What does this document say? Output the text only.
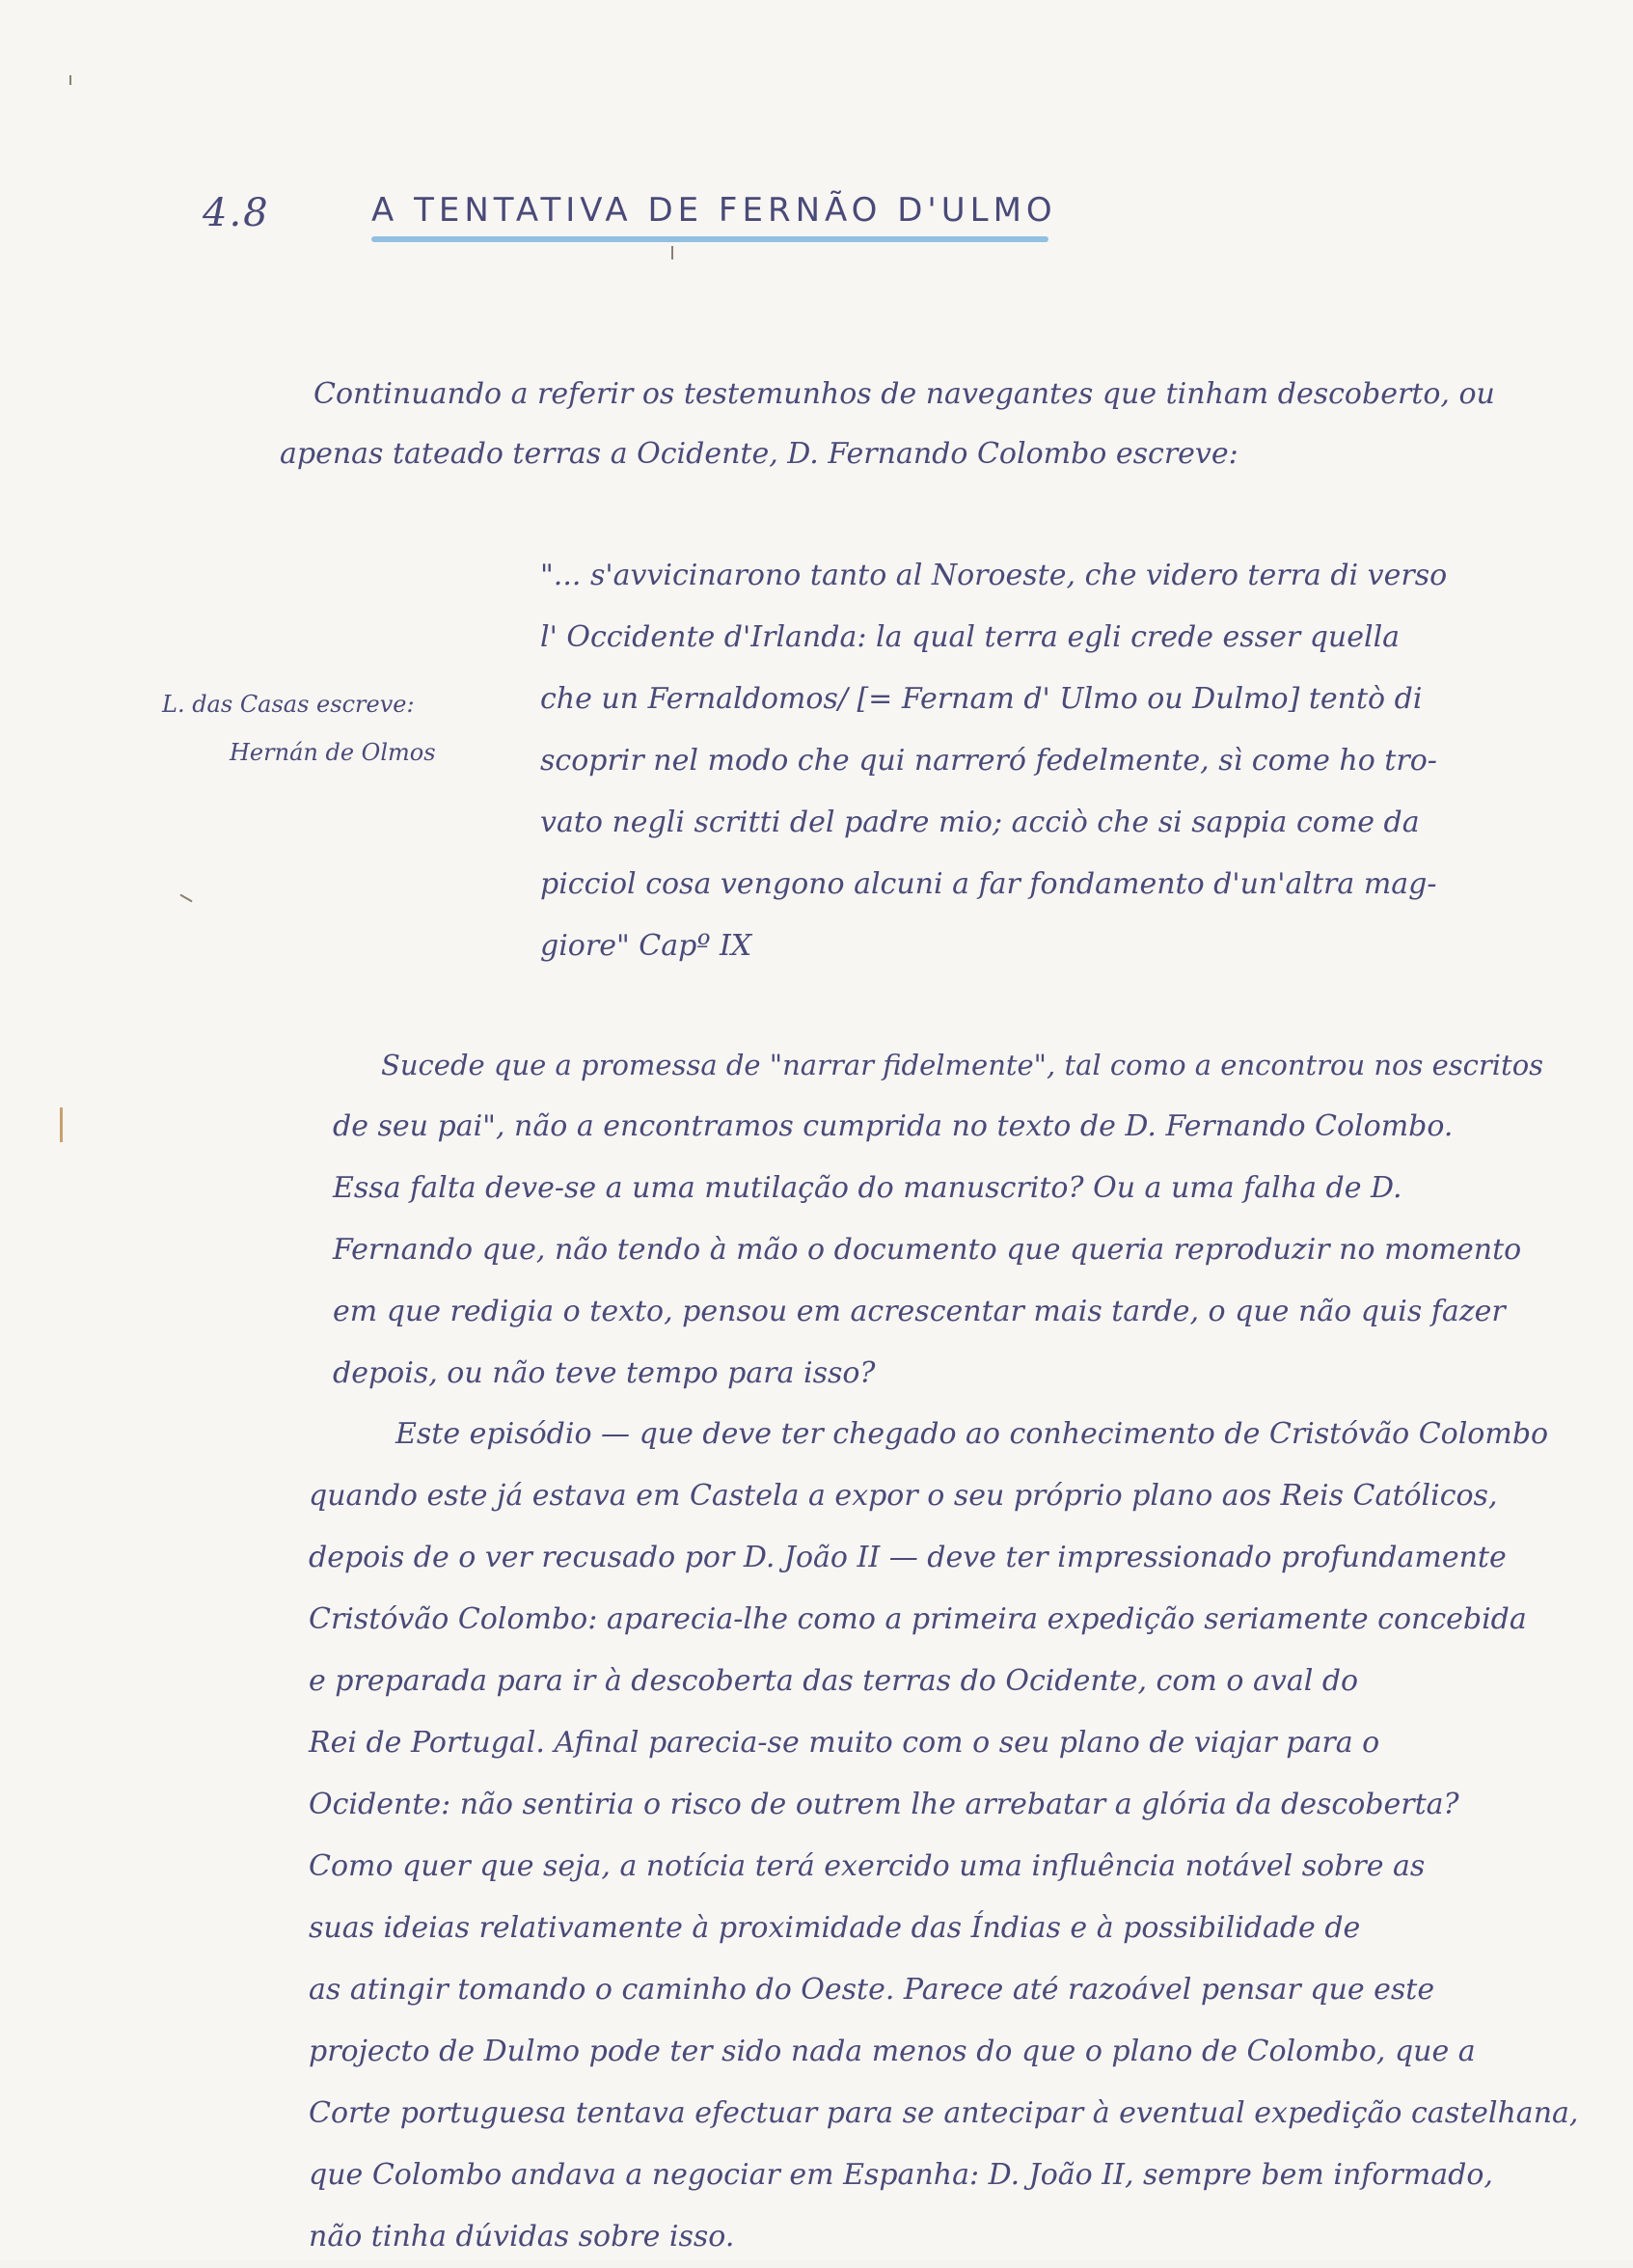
4.8	A TENTATIVA DE FERNÃO D'ULMO

Continuando a referir os testemunhos de navegantes que tinham descoberto, ou

apenas tateado terras a Ocidente, D. Fernando Colombo escreve:

"... s'avvicinarono tanto al Noroeste, che videro terra di verso

l' Occidente d'Irlanda: la qual terra egli crede esser quella

che un Fernaldomos/ [= Fernam d' Ulmo ou Dulmo] tentò di

scoprir nel modo che qui narreró fedelmente, sì come ho tro-

vato negli scritti del padre mio; acciò che si sappia come da

picciol cosa vengono alcuni a far fondamento d'un'altra mag-

giore" Capº IX

L. das Casas escreve:

Hernán de Olmos

Sucede que a promessa de "narrar fidelmente", tal como a encontrou nos escritos

de seu pai", não a encontramos cumprida no texto de D. Fernando Colombo.

Essa falta deve-se a uma mutilação do manuscrito? Ou a uma falha de D.

Fernando que, não tendo à mão o documento que queria reproduzir no momento

em que redigia o texto, pensou em acrescentar mais tarde, o que não quis fazer

depois, ou não teve tempo para isso?

Este episódio — que deve ter chegado ao conhecimento de Cristóvão Colombo

quando este já estava em Castela a expor o seu próprio plano aos Reis Católicos,

depois de o ver recusado por D. João II — deve ter impressionado profundamente

Cristóvão Colombo: aparecia-lhe como a primeira expedição seriamente concebida

e preparada para ir à descoberta das terras do Ocidente, com o aval do

Rei de Portugal. Afinal parecia-se muito com o seu plano de viajar para o

Ocidente: não sentiria o risco de outrem lhe arrebatar a glória da descoberta?

Como quer que seja, a notícia terá exercido uma influência notável sobre as

suas ideias relativamente à proximidade das Índias e à possibilidade de

as atingir tomando o caminho do Oeste. Parece até razoável pensar que este

projecto de Dulmo pode ter sido nada menos do que o plano de Colombo, que a

Corte portuguesa tentava efectuar para se antecipar à eventual expedição castelhana,

que Colombo andava a negociar em Espanha: D. João II, sempre bem informado,

não tinha dúvidas sobre isso.
